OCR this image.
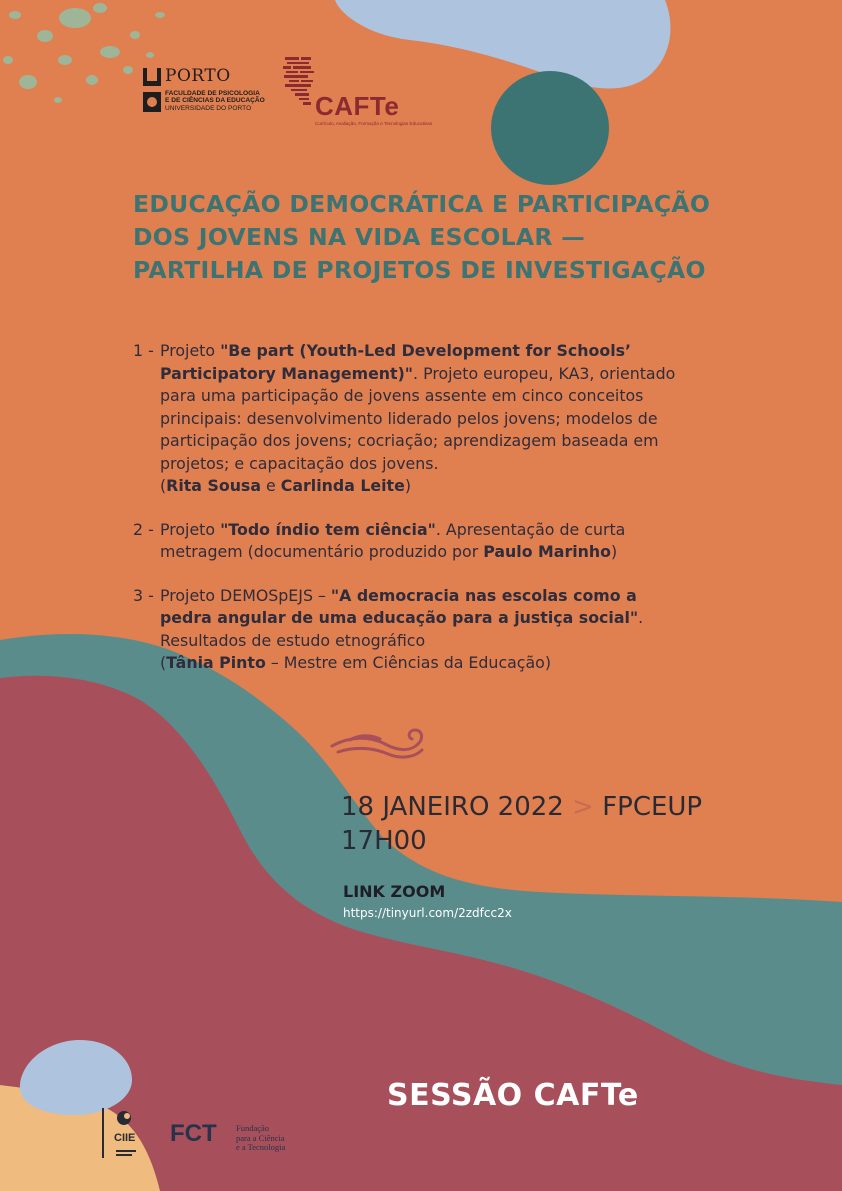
PORTO
FACULDADE DE PSICOLOGIA
E DE CIÊNCIAS DA EDUCAÇÃO
UNIVERSIDADE DO PORTO	CAFTe
Currículo, Avaliação, Formação e Tecnologias Educativas
EDUCAÇÃO DEMOCRÁTICA E PARTICIPAÇÃO DOS JOVENS NA VIDA ESCOLAR — PARTILHA DE PROJETOS DE INVESTIGAÇÃO
1 - Projeto "Be part (Youth-Led Development for Schools’ Participatory Management)". Projeto europeu, KA3, orientado para uma participação de jovens assente em cinco conceitos principais: desenvolvimento liderado pelos jovens; modelos de participação dos jovens; cocriação; aprendizagem baseada em projetos; e capacitação dos jovens.
(Rita Sousa e Carlinda Leite)
2 - Projeto "Todo índio tem ciência". Apresentação de curta metragem (documentário produzido por Paulo Marinho)
3 - Projeto DEMOSpEJS – "A democracia nas escolas como a pedra angular de uma educação para a justiça social". Resultados de estudo etnográfico
(Tânia Pinto – Mestre em Ciências da Educação)
18 JANEIRO 2022 > FPCEUP
17H00
LINK ZOOM
https://tinyurl.com/2zdfcc2x
SESSÃO CAFTe
CIIE FCT Fundação
para a Ciência
e a Tecnologia
